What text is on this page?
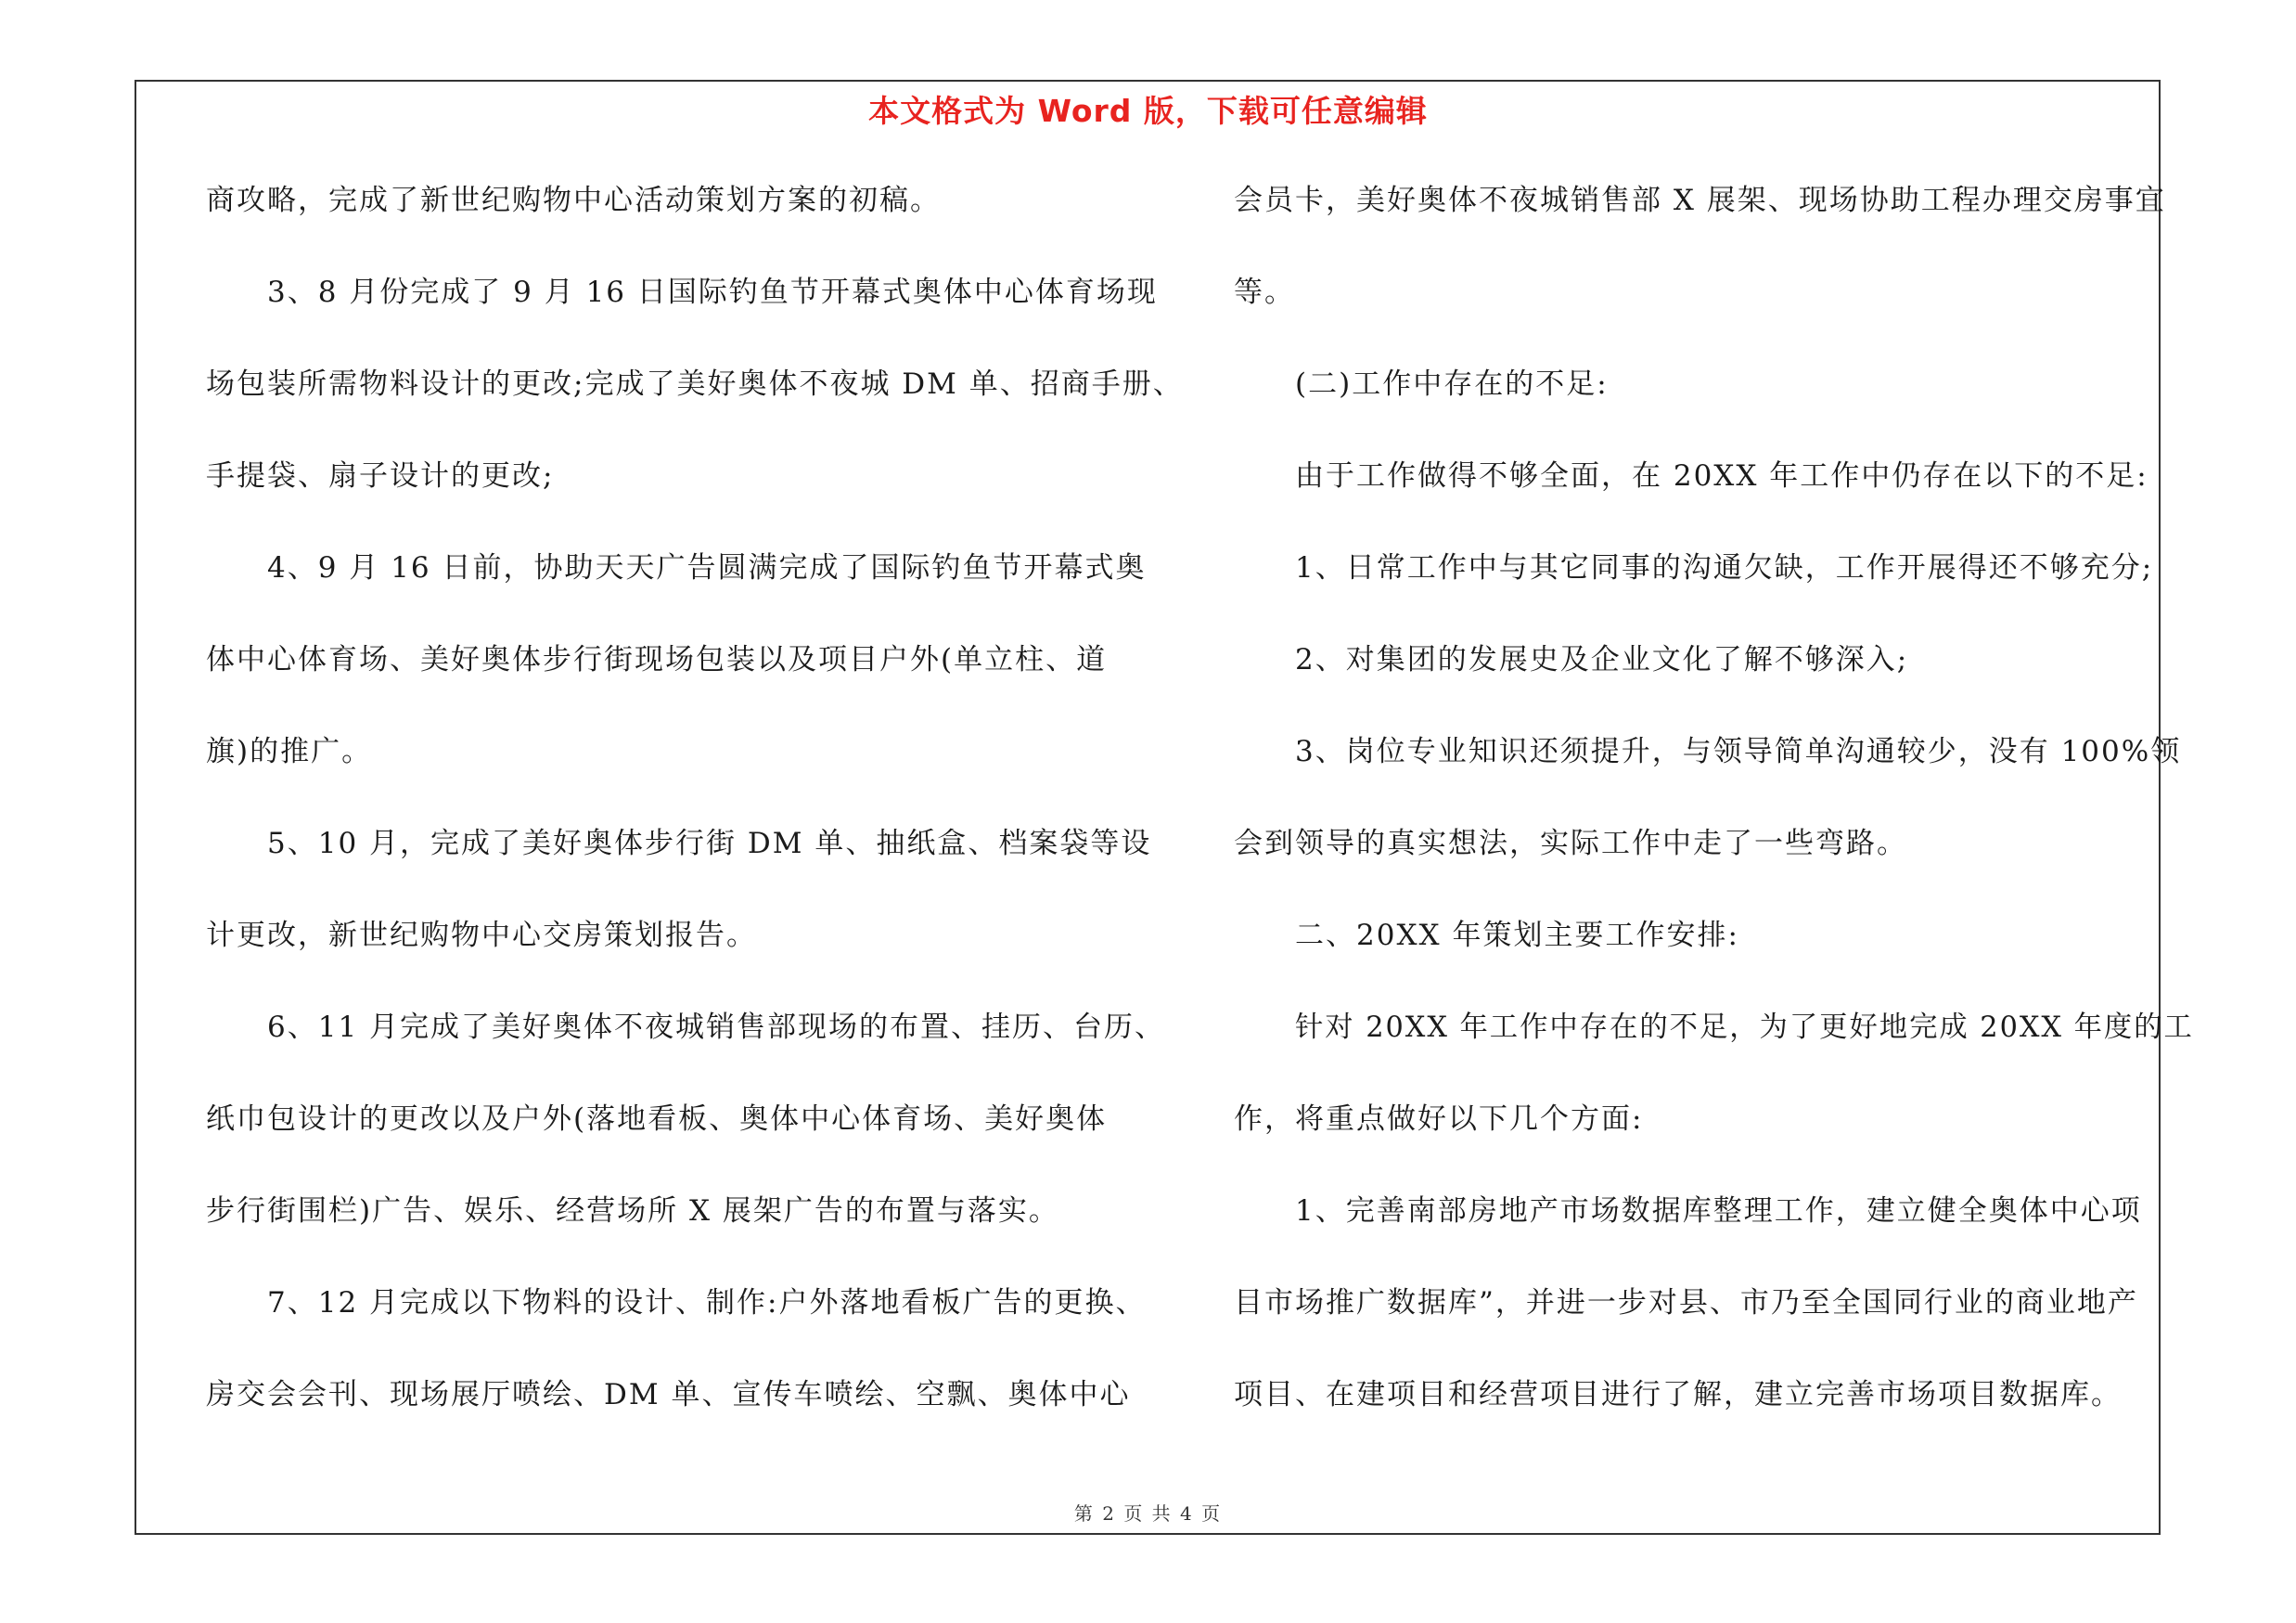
本文格式为 Word 版，下载可任意编辑
商攻略，完成了新世纪购物中心活动策划方案的初稿。
3、8 月份完成了 9 月 16 日国际钓鱼节开幕式奥体中心体育场现
场包装所需物料设计的更改;完成了美好奥体不夜城 DM 单、招商手册、
手提袋、扇子设计的更改;
4、9 月 16 日前，协助天天广告圆满完成了国际钓鱼节开幕式奥
体中心体育场、美好奥体步行街现场包装以及项目户外(单立柱、道
旗)的推广。
5、10 月，完成了美好奥体步行街 DM 单、抽纸盒、档案袋等设
计更改，新世纪购物中心交房策划报告。
6、11 月完成了美好奥体不夜城销售部现场的布置、挂历、台历、
纸巾包设计的更改以及户外(落地看板、奥体中心体育场、美好奥体
步行街围栏)广告、娱乐、经营场所 X 展架广告的布置与落实。
7、12 月完成以下物料的设计、制作:户外落地看板广告的更换、
房交会会刊、现场展厅喷绘、DM 单、宣传车喷绘、空飘、奥体中心
会员卡，美好奥体不夜城销售部 X 展架、现场协助工程办理交房事宜
等。
(二)工作中存在的不足:
由于工作做得不够全面，在 20XX 年工作中仍存在以下的不足:
1、日常工作中与其它同事的沟通欠缺，工作开展得还不够充分;
2、对集团的发展史及企业文化了解不够深入;
3、岗位专业知识还须提升，与领导简单沟通较少，没有 100%领
会到领导的真实想法，实际工作中走了一些弯路。
二、20XX 年策划主要工作安排:
针对 20XX 年工作中存在的不足，为了更好地完成 20XX 年度的工
作，将重点做好以下几个方面:
1、完善南部房地产市场数据库整理工作，建立健全奥体中心项
目市场推广数据库”，并进一步对县、市乃至全国同行业的商业地产
项目、在建项目和经营项目进行了解，建立完善市场项目数据库。
第 2 页 共 4 页
